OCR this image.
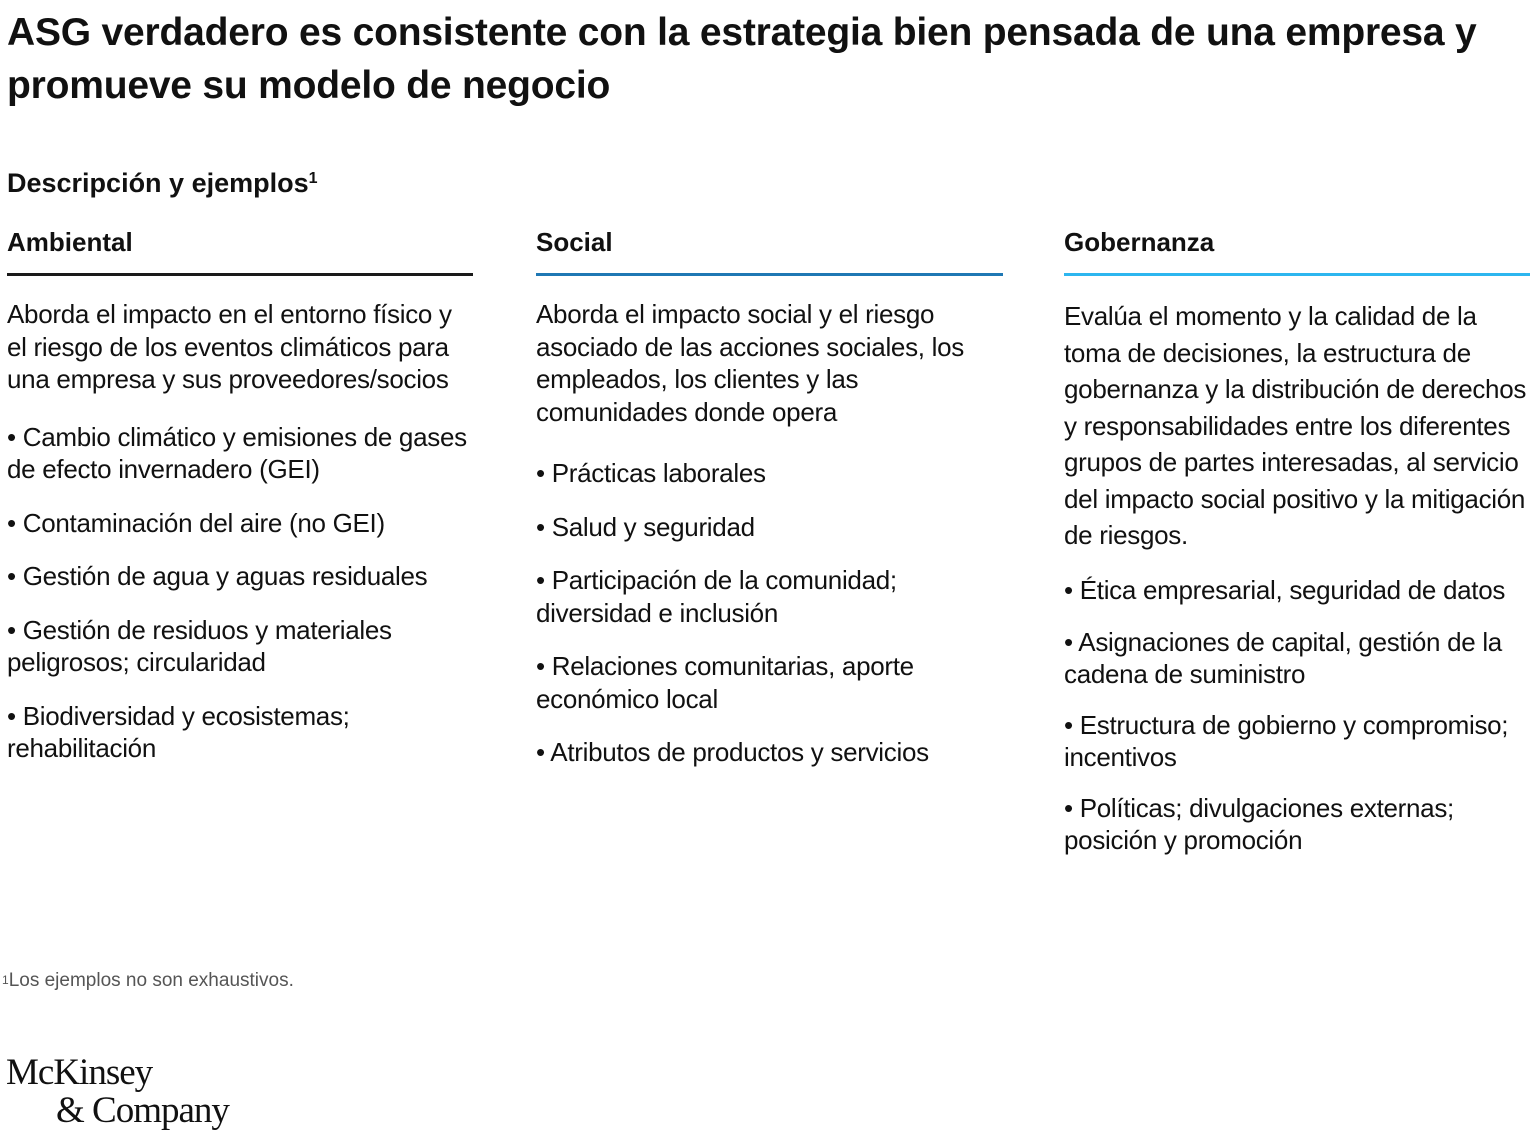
ASG verdadero es consistente con la estrategia bien pensada de una empresa y promueve su modelo de negocio
Descripción y ejemplos$^1$
Ambiental

Aborda el impacto en el entorno físico y el riesgo de los eventos climáticos para una empresa y sus proveedores/socios

• Cambio climático y emisiones de gases de efecto invernadero (GEI)
• Contaminación del aire (no GEI)
• Gestión de agua y aguas residuales
• Gestión de residuos y materiales peligrosos; circularidad
• Biodiversidad y ecosistemas; rehabilitación
Social

Aborda el impacto social y el riesgo asociado de las acciones sociales, los empleados, los clientes y las comunidades donde opera

• Prácticas laborales
• Salud y seguridad
• Participación de la comunidad; diversidad e inclusión
• Relaciones comunitarias, aporte económico local
• Atributos de productos y servicios
Gobernanza

Evalúa el momento y la calidad de la toma de decisiones, la estructura de gobernanza y la distribución de derechos y responsabilidades entre los diferentes grupos de partes interesadas, al servicio del impacto social positivo y la mitigación de riesgos.

• Ética empresarial, seguridad de datos
• Asignaciones de capital, gestión de la cadena de suministro
• Estructura de gobierno y compromiso; incentivos
• Políticas; divulgaciones externas; posición y promoción
$^1$Los ejemplos no son exhaustivos.
McKinsey
& Company
